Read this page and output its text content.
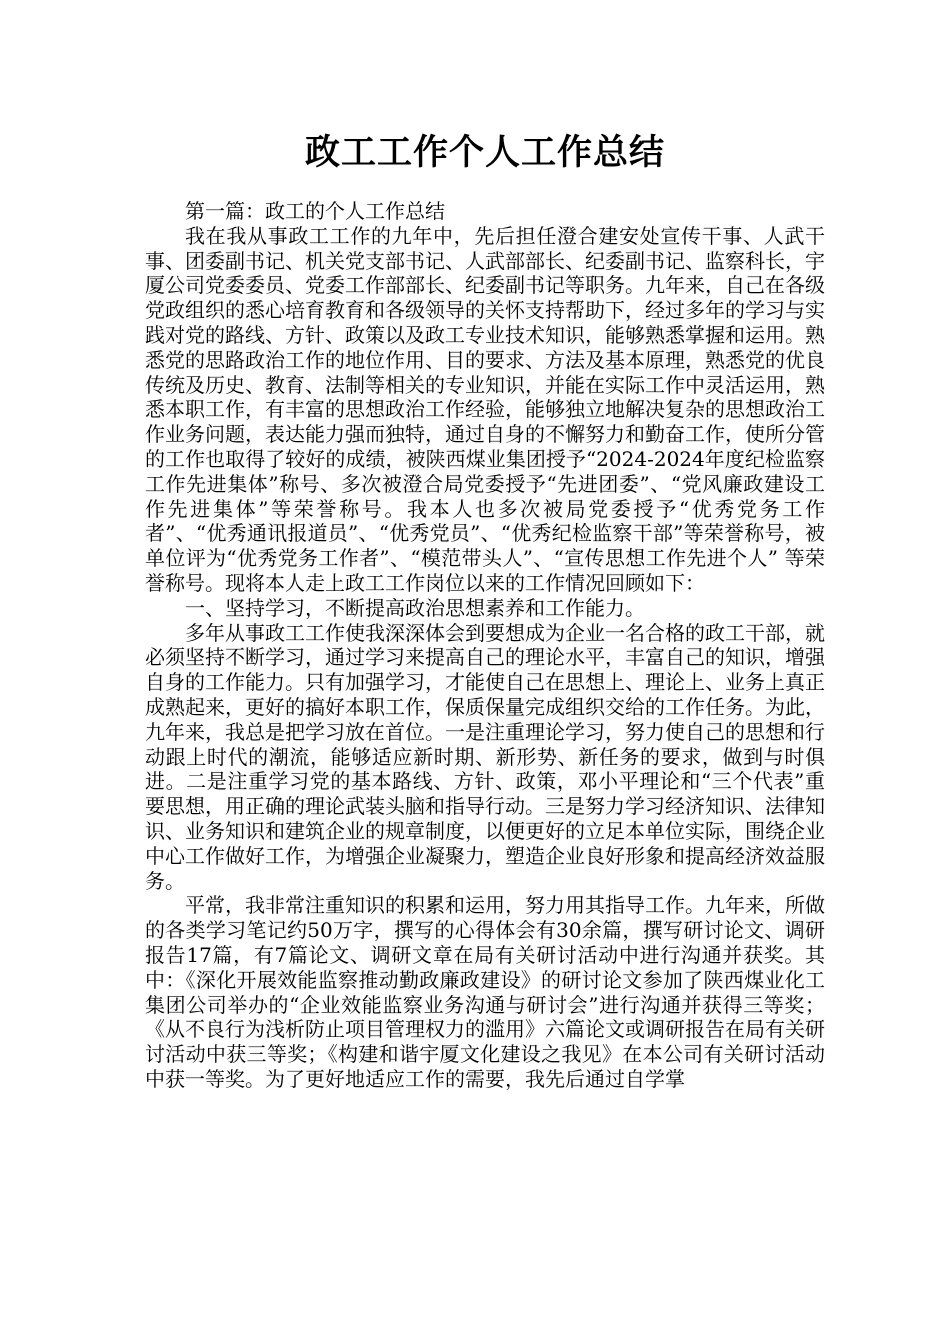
政工工作个人工作总结

第一篇：政工的个人工作总结

我在我从事政工工作的九年中，先后担任澄合建安处宣传干事、人武干事、团委副书记、机关党支部书记、人武部部长、纪委副书记、监察科长，宇厦公司党委委员、党委工作部部长、纪委副书记等职务。九年来，自己在各级党政组织的悉心培育教育和各级领导的关怀支持帮助下，经过多年的学习与实践对党的路线、方针、政策以及政工专业技术知识，能够熟悉掌握和运用。熟悉党的思路政治工作的地位作用、目的要求、方法及基本原理，熟悉党的优良传统及历史、教育、法制等相关的专业知识，并能在实际工作中灵活运用，熟悉本职工作，有丰富的思想政治工作经验，能够独立地解决复杂的思想政治工作业务问题，表达能力强而独特，通过自身的不懈努力和勤奋工作，使所分管的工作也取得了较好的成绩，被陕西煤业集团授予“2024-2024年度纪检监察工作先进集体”称号、多次被澄合局党委授予“先进团委”、“党风廉政建设工作先进集体”等荣誉称号。我本人也多次被局党委授予“优秀党务工作者”、“优秀通讯报道员”、“优秀党员”、“优秀纪检监察干部”等荣誉称号，被单位评为“优秀党务工作者”、“模范带头人”、“宣传思想工作先进个人” 等荣誉称号。现将本人走上政工工作岗位以来的工作情况回顾如下：

一、坚持学习，不断提高政治思想素养和工作能力。

多年从事政工工作使我深深体会到要想成为企业一名合格的政工干部，就必须坚持不断学习，通过学习来提高自己的理论水平，丰富自己的知识，增强自身的工作能力。只有加强学习，才能使自己在思想上、理论上、业务上真正成熟起来，更好的搞好本职工作，保质保量完成组织交给的工作任务。为此，九年来，我总是把学习放在首位。一是注重理论学习，努力使自己的思想和行动跟上时代的潮流，能够适应新时期、新形势、新任务的要求，做到与时俱进。二是注重学习党的基本路线、方针、政策，邓小平理论和“三个代表”重要思想，用正确的理论武装头脑和指导行动。三是努力学习经济知识、法律知识、业务知识和建筑企业的规章制度，以便更好的立足本单位实际，围绕企业中心工作做好工作，为增强企业凝聚力，塑造企业良好形象和提高经济效益服务。

平常，我非常注重知识的积累和运用，努力用其指导工作。九年来，所做的各类学习笔记约50万字，撰写的心得体会有30余篇，撰写研讨论文、调研报告17篇，有7篇论文、调研文章在局有关研讨活动中进行沟通并获奖。其中：《深化开展效能监察推动勤政廉政建设》的研讨论文参加了陕西煤业化工集团公司举办的“企业效能监察业务沟通与研讨会”进行沟通并获得三等奖；《从不良行为浅析防止项目管理权力的滥用》六篇论文或调研报告在局有关研讨活动中获三等奖；《构建和谐宇厦文化建设之我见》在本公司有关研讨活动中获一等奖。为了更好地适应工作的需要，我先后通过自学掌
